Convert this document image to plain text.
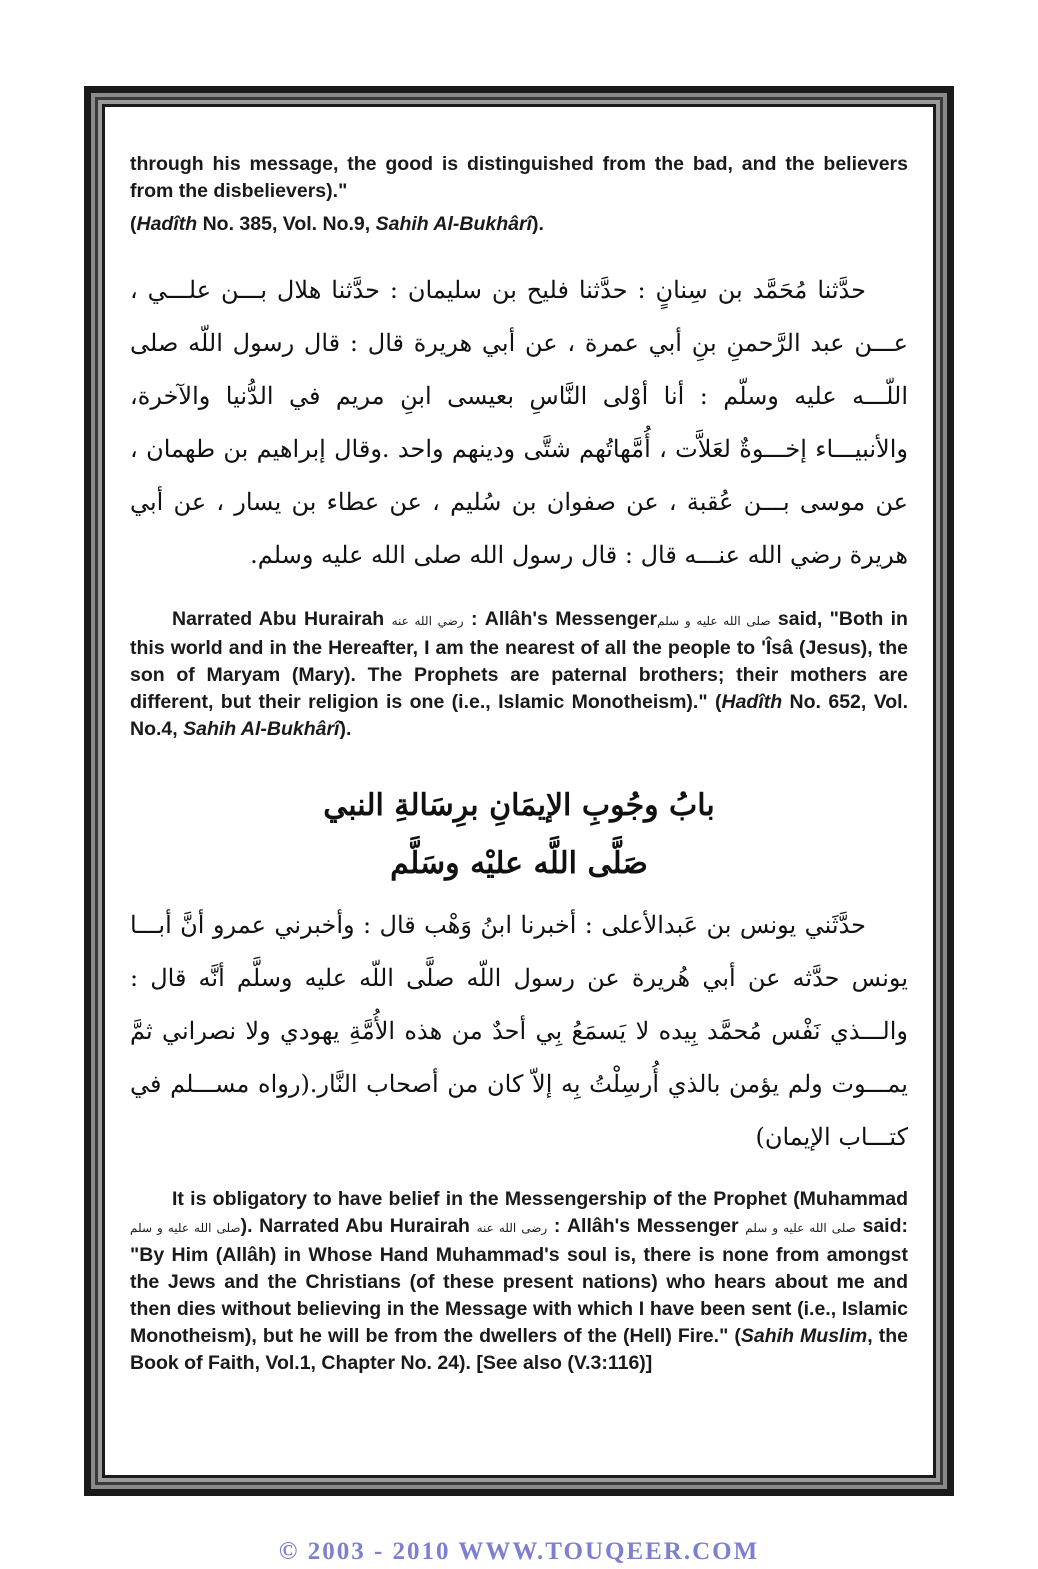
through his message, the good is distinguished from the bad, and the believers from the disbelievers)."

(Hadîth No. 385, Vol. No.9, Sahih Al-Bukhârî).

حدَّثنا مُحَمَّد بن سِنانٍ : حدَّثنا فليح بن سليمان : حدَّثنا هلال بـــن علـــي ، عـــن عبد الرَّحمنِ بنِ أبي عمرة ، عن أبي هريرة قال : قال رسول اللّه صلى اللّـــه عليه وسلّم : أنا أوْلى النَّاسِ بعيسى ابنِ مريم في الدُّنيا والآخرة، والأنبيـــاء إخـــوةٌ لعَلاَّت ، أُمَّهاتُهم شتَّى ودينهم واحد .وقال إبراهيم بن طهمان ، عن موسى بـــن عُقبة ، عن صفوان بن سُليم ، عن عطاء بن يسار ، عن أبي هريرة رضي الله عنـــه قال : قال رسول الله صلى الله عليه وسلم.

Narrated Abu Hurairah رضي الله عنه : Allâh's Messengerصلى الله عليه و سلم said, "Both in this world and in the Hereafter, I am the nearest of all the people to 'Îsâ (Jesus), the son of Maryam (Mary). The Prophets are paternal brothers; their mothers are different, but their religion is one (i.e., Islamic Monotheism)." (Hadîth No. 652, Vol. No.4, Sahih Al-Bukhârî).

بابُ وجُوبِ الإيمَانِ برِسَالةِ النبي

صَلَّى اللَّه عليْه وسَلَّم

حدَّثَني يونس بن عَبدالأعلى : أخبرنا ابنُ وَهْب قال : وأخبرني عمرو أنَّ أبـــا يونس حدَّثه عن أبي هُريرة عن رسول اللّه صلَّى اللّه عليه وسلَّم أنَّه قال : والـــذي نَفْس مُحمَّد بِيده لا يَسمَعُ بِي أحدٌ من هذه الأُمَّةِ يهودي ولا نصراني ثمَّ يمـــوت ولم يؤمن بالذي أُرسِلْتُ بِه إلاّ كان من أصحاب النَّار.(رواه مســـلم في كتـــاب الإيمان)

It is obligatory to have belief in the Messengership of the Prophet (Muhammad صلى الله عليه و سلم). Narrated Abu Hurairah رضى الله عنه : Allâh's Messenger صلى الله عليه و سلم said: "By Him (Allâh) in Whose Hand Muhammad's soul is, there is none from amongst the Jews and the Christians (of these present nations) who hears about me and then dies without believing in the Message with which I have been sent (i.e., Islamic Monotheism), but he will be from the dwellers of the (Hell) Fire." (Sahih Muslim, the Book of Faith, Vol.1, Chapter No. 24). [See also (V.3:116)]

© 2003 - 2010 WWW.TOUQEER.COM
